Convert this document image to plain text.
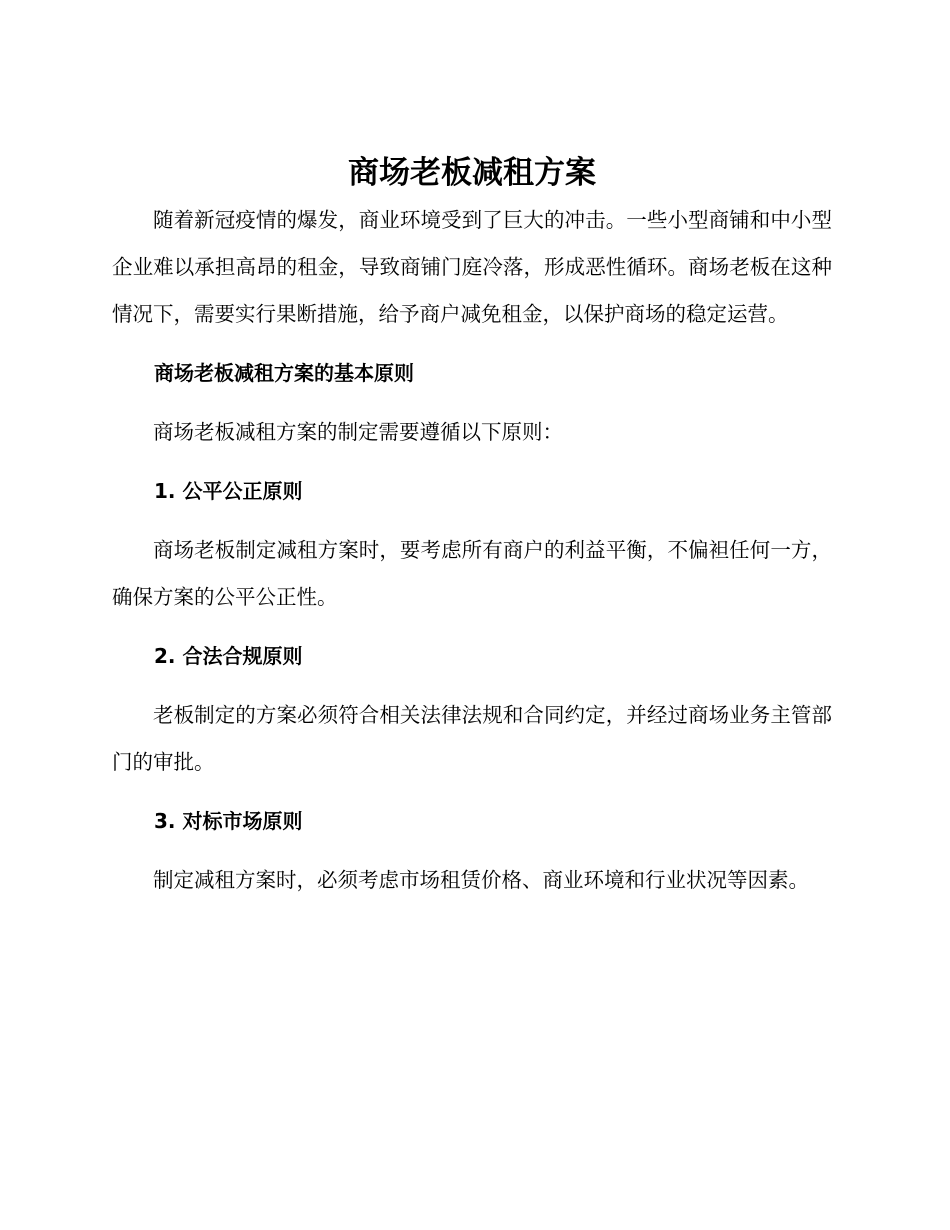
商场老板减租方案

随着新冠疫情的爆发，商业环境受到了巨大的冲击。一些小型商铺和中小型企业难以承担高昂的租金，导致商铺门庭冷落，形成恶性循环。商场老板在这种情况下，需要实行果断措施，给予商户减免租金，以保护商场的稳定运营。

商场老板减租方案的基本原则

商场老板减租方案的制定需要遵循以下原则：

1. 公平公正原则

商场老板制定减租方案时，要考虑所有商户的利益平衡，不偏袒任何一方，确保方案的公平公正性。

2. 合法合规原则

老板制定的方案必须符合相关法律法规和合同约定，并经过商场业务主管部门的审批。

3. 对标市场原则

制定减租方案时，必须考虑市场租赁价格、商业环境和行业状况等因素。
